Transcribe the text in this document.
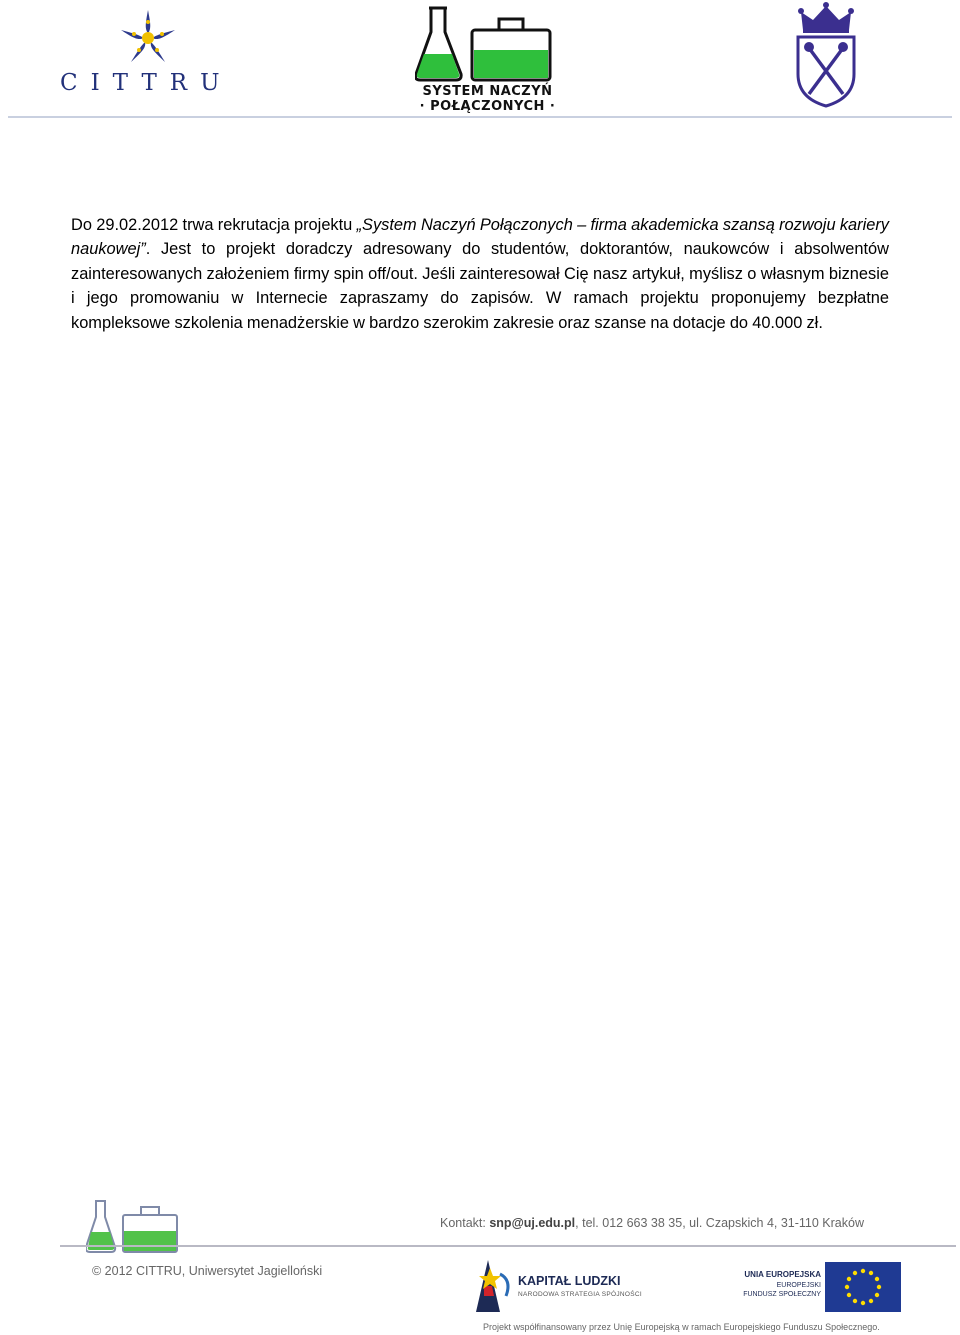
CITTRU	SYSTEM NACZYŃ
· POŁĄCZONYCH ·
Do 29.02.2012 trwa rekrutacja projektu „System Naczyń Połączonych – firma akademicka szansą rozwoju kariery naukowej”. Jest to projekt doradczy adresowany do studentów, doktorantów, naukowców i absolwentów zainteresowanych założeniem firmy spin off/out. Jeśli zainteresował Cię nasz artykuł, myślisz o własnym biznesie i jego promowaniu w Internecie zapraszamy do zapisów. W ramach projektu proponujemy bezpłatne kompleksowe szkolenia menadżerskie w bardzo szerokim zakresie oraz szanse na dotacje do 40.000 zł.
Kontakt: snp@uj.edu.pl, tel. 012 663 38 35, ul. Czapskich 4, 31-110 Kraków
© 2012 CITTRU, Uniwersytet Jagielloński
KAPITAŁ LUDZKI
NARODOWA STRATEGIA SPÓJNOŚCI
UNIA EUROPEJSKA
EUROPEJSKI
FUNDUSZ SPOŁECZNY
Projekt współfinansowany przez Unię Europejską w ramach Europejskiego Funduszu Społecznego.
